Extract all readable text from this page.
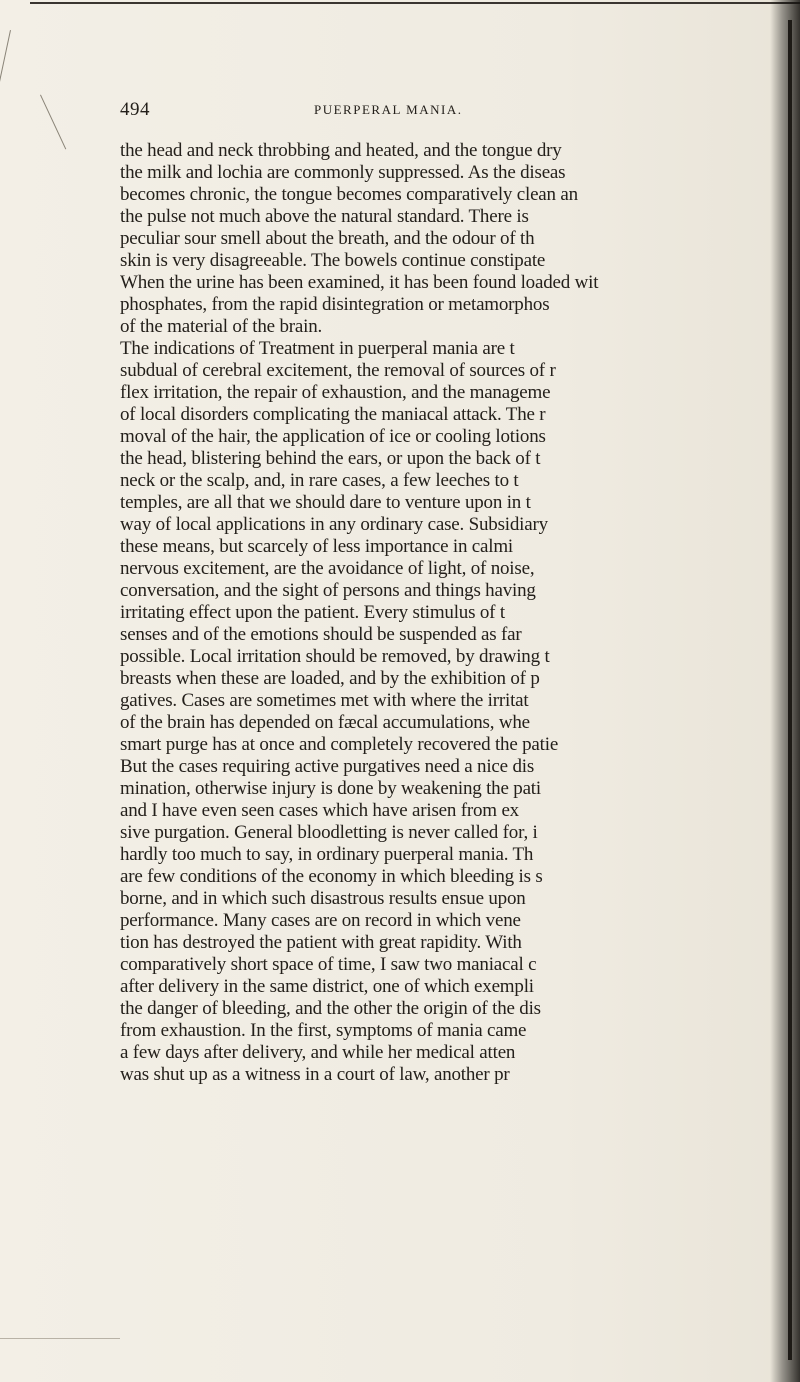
494	PUERPERAL MANIA.
the head and neck throbbing and heated, and the tongue dry
the milk and lochia are commonly suppressed. As the diseas
becomes chronic, the tongue becomes comparatively clean an
the pulse not much above the natural standard. There is
peculiar sour smell about the breath, and the odour of th
skin is very disagreeable. The bowels continue constipate
When the urine has been examined, it has been found loaded wit
phosphates, from the rapid disintegration or metamorphos
of the material of the brain.
The indications of Treatment in puerperal mania are t
subdual of cerebral excitement, the removal of sources of r
flex irritation, the repair of exhaustion, and the manageme
of local disorders complicating the maniacal attack. The r
moval of the hair, the application of ice or cooling lotions
the head, blistering behind the ears, or upon the back of t
neck or the scalp, and, in rare cases, a few leeches to t
temples, are all that we should dare to venture upon in t
way of local applications in any ordinary case. Subsidiary
these means, but scarcely of less importance in calmi
nervous excitement, are the avoidance of light, of noise,
conversation, and the sight of persons and things having
irritating effect upon the patient. Every stimulus of t
senses and of the emotions should be suspended as far
possible. Local irritation should be removed, by drawing t
breasts when these are loaded, and by the exhibition of p
gatives. Cases are sometimes met with where the irritat
of the brain has depended on fæcal accumulations, whe
smart purge has at once and completely recovered the patie
But the cases requiring active purgatives need a nice dis
mination, otherwise injury is done by weakening the pati
and I have even seen cases which have arisen from ex
sive purgation. General bloodletting is never called for, i
hardly too much to say, in ordinary puerperal mania. Th
are few conditions of the economy in which bleeding is s
borne, and in which such disastrous results ensue upon
performance. Many cases are on record in which vene
tion has destroyed the patient with great rapidity. With
comparatively short space of time, I saw two maniacal c
after delivery in the same district, one of which exempli
the danger of bleeding, and the other the origin of the dis
from exhaustion. In the first, symptoms of mania came
a few days after delivery, and while her medical atten
was shut up as a witness in a court of law, another pr
